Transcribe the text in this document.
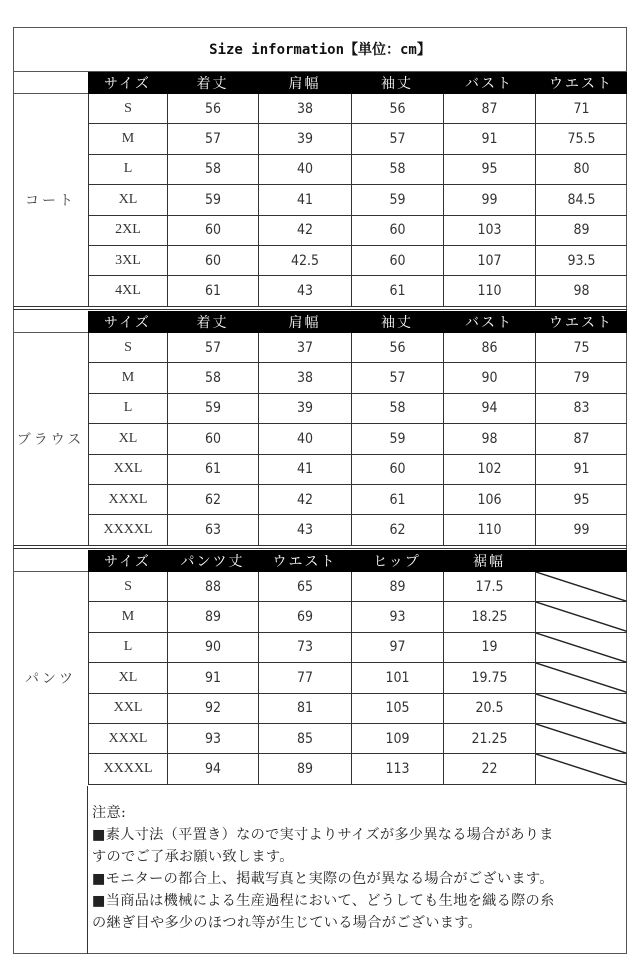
Size information【単位：cm】
サイズ	着丈	肩幅	袖丈	バスト	ウエスト
コート
S	56	38	56	87	71
M	57	39	57	91	75.5
L	58	40	58	95	80
XL	59	41	59	99	84.5
2XL	60	42	60	103	89
3XL	60	42.5	60	107	93.5
4XL	61	43	61	110	98
サイズ	着丈	肩幅	袖丈	バスト	ウエスト
ブラウス
S	57	37	56	86	75
M	58	38	57	90	79
L	59	39	58	94	83
XL	60	40	59	98	87
XXL	61	41	60	102	91
XXXL	62	42	61	106	95
XXXXL	63	43	62	110	99
サイズ	パンツ丈	ウエスト	ヒップ	裾幅
パンツ
S	88	65	89	17.5
M	89	69	93	18.25
L	90	73	97	19
XL	91	77	101	19.75
XXL	92	81	105	20.5
XXXL	93	85	109	21.25
XXXXL	94	89	113	22
注意:
■素人寸法（平置き）なので実寸よりサイズが多少異なる場合がありま
すのでご了承お願い致します。
■モニターの都合上、掲載写真と実際の色が異なる場合がございます。
■当商品は機械による生産過程において、どうしても生地を織る際の糸
の継ぎ目や多少のほつれ等が生じている場合がございます。
